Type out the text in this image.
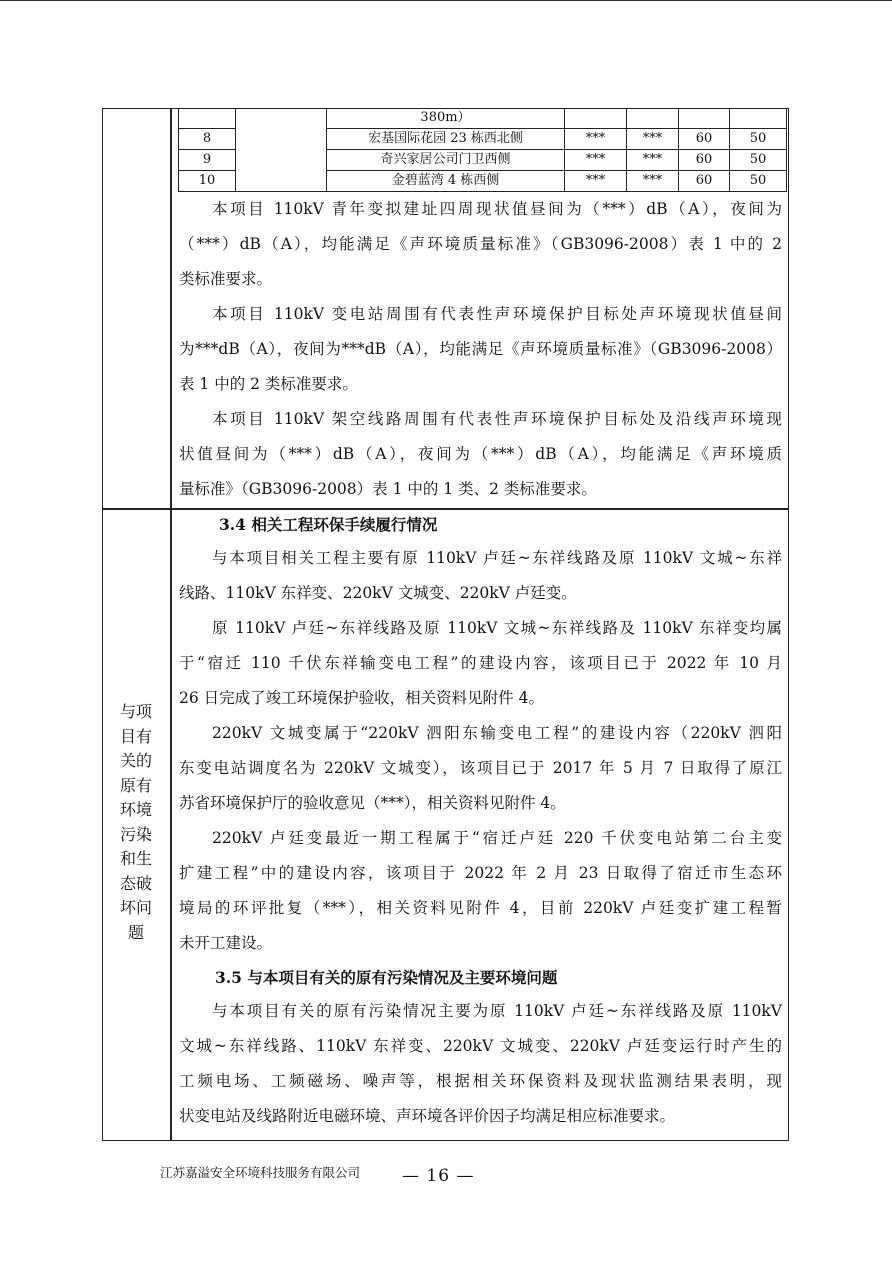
		380m）				
8		宏基国际花园 23 栋西北侧	***	***	60	50
9		奇兴家居公司门卫西侧	***	***	60	50
10		金碧蓝湾 4 栋西侧	***	***	60	50
本项目 110kV 青年变拟建址四周现状值昼间为（***）dB（A），夜间为
（***）dB（A），均能满足《声环境质量标准》（GB3096-2008）表 1 中的 2
类标准要求。
本项目 110kV 变电站周围有代表性声环境保护目标处声环境现状值昼间
为***dB（A），夜间为***dB（A），均能满足《声环境质量标准》（GB3096-2008）
表 1 中的 2 类标准要求。
本项目 110kV 架空线路周围有代表性声环境保护目标处及沿线声环境现
状值昼间为（***）dB（A），夜间为（***）dB（A），均能满足《声环境质
量标准》（GB3096-2008）表 1 中的 1 类、2 类标准要求。
与项
目有
关的
原有
环境
污染
和生
态破
坏问
题
3.4 相关工程环保手续履行情况
与本项目相关工程主要有原 110kV 卢廷~东祥线路及原 110kV 文城~东祥
线路、110kV 东祥变、220kV 文城变、220kV 卢廷变。
原 110kV 卢廷~东祥线路及原 110kV 文城~东祥线路及 110kV 东祥变均属
于“宿迁 110 千伏东祥输变电工程”的建设内容，该项目已于 2022 年 10 月
26 日完成了竣工环境保护验收，相关资料见附件 4。
220kV 文城变属于“220kV 泗阳东输变电工程”的建设内容（220kV 泗阳
东变电站调度名为 220kV 文城变），该项目已于 2017 年 5 月 7 日取得了原江
苏省环境保护厅的验收意见（***），相关资料见附件 4。
220kV 卢廷变最近一期工程属于“宿迁卢廷 220 千伏变电站第二台主变
扩建工程”中的建设内容，该项目于 2022 年 2 月 23 日取得了宿迁市生态环
境局的环评批复（***），相关资料见附件 4，目前 220kV 卢廷变扩建工程暂
未开工建设。
3.5 与本项目有关的原有污染情况及主要环境问题
与本项目有关的原有污染情况主要为原 110kV 卢廷~东祥线路及原 110kV
文城~东祥线路、110kV 东祥变、220kV 文城变、220kV 卢廷变运行时产生的
工频电场、工频磁场、噪声等，根据相关环保资料及现状监测结果表明，现
状变电站及线路附近电磁环境、声环境各评价因子均满足相应标准要求。
江苏嘉溢安全环境科技服务有限公司 — 16 —
